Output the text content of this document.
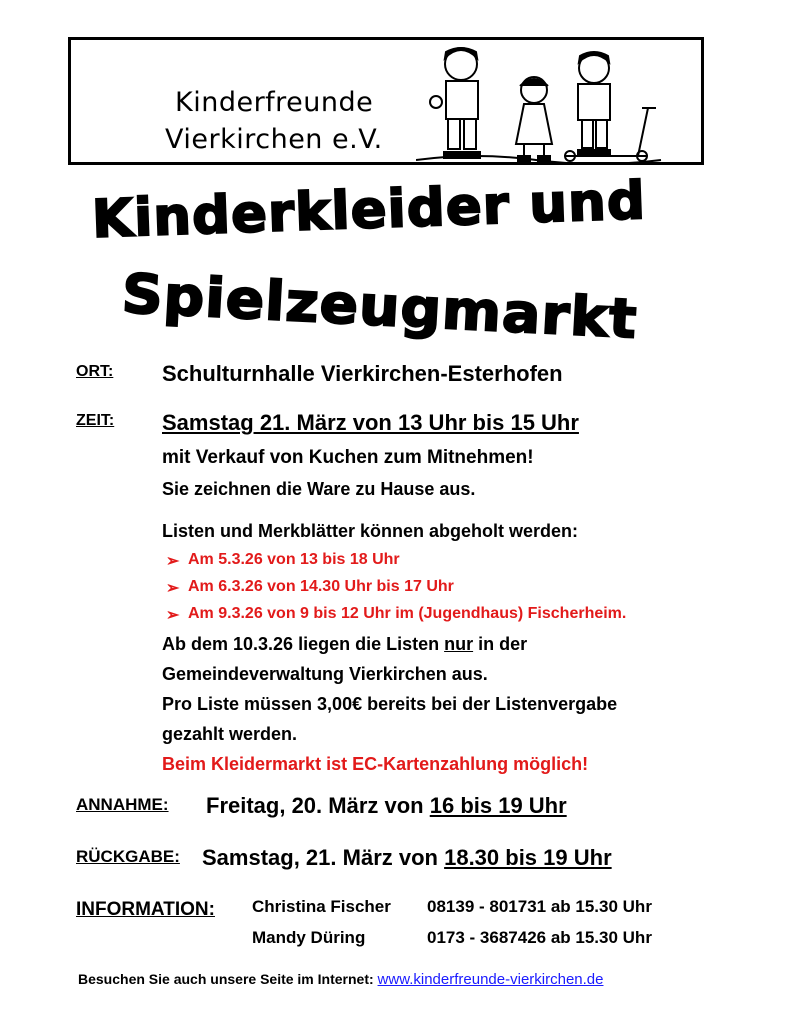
Kinderfreunde
Vierkirchen e.V.
Kinderkleider und
Spielzeugmarkt
ORT: Schulturnhalle Vierkirchen-Esterhofen
ZEIT: Samstag 21. März von 13 Uhr bis 15 Uhr
mit Verkauf von Kuchen zum Mitnehmen!
Sie zeichnen die Ware zu Hause aus.
Listen und Merkblätter können abgeholt werden:
➢ Am 5.3.26 von 13 bis 18 Uhr
➢ Am 6.3.26 von 14.30 Uhr bis 17 Uhr
➢ Am 9.3.26 von 9 bis 12 Uhr im (Jugendhaus) Fischerheim.
Ab dem 10.3.26 liegen die Listen nur in der
Gemeindeverwaltung Vierkirchen aus.
Pro Liste müssen 3,00€ bereits bei der Listenvergabe
gezahlt werden.
Beim Kleidermarkt ist EC-Kartenzahlung möglich!
ANNAHME: Freitag, 20. März von 16 bis 19 Uhr
RÜCKGABE: Samstag, 21. März von 18.30 bis 19 Uhr
INFORMATION: Christina Fischer 08139 - 801731 ab 15.30 Uhr
Mandy Düring	0173 - 3687426 ab 15.30 Uhr
Besuchen Sie auch unsere Seite im Internet: www.kinderfreunde-vierkirchen.de
